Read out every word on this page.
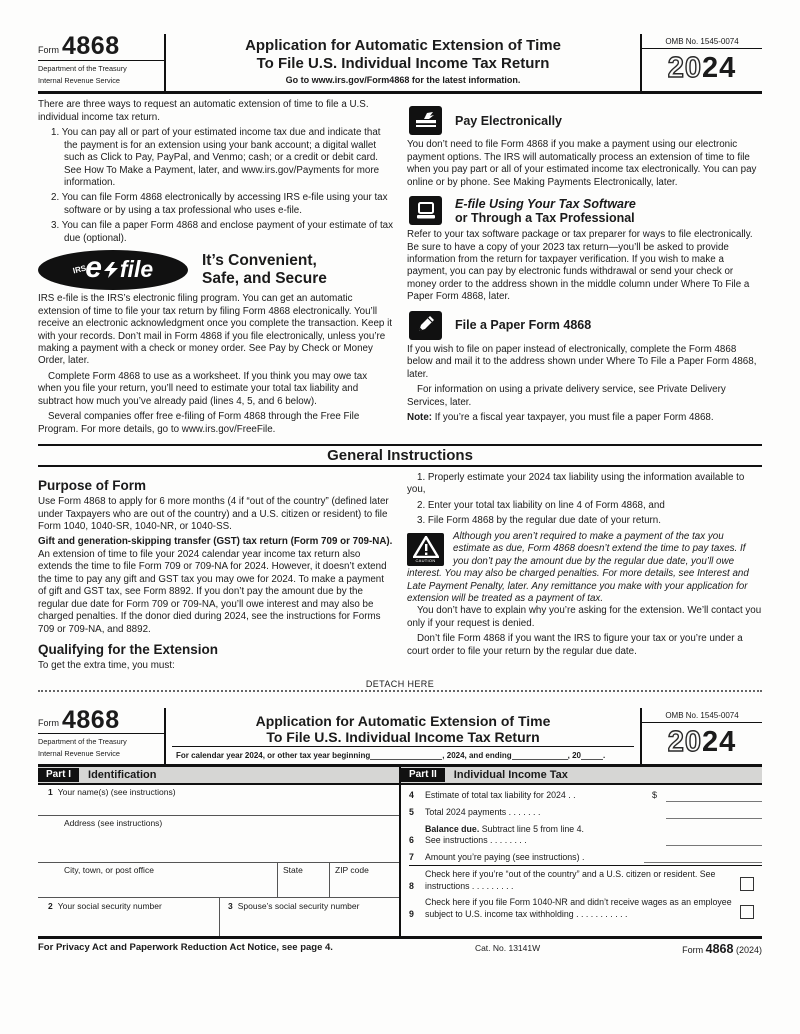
Form 4868
Department of the Treasury
Internal Revenue Service
Application for Automatic Extension of Time
To File U.S. Individual Income Tax Return
Go to www.irs.gov/Form4868 for the latest information.
OMB No. 1545-0074
2024

There are three ways to request an automatic extension of time to file a U.S. individual income tax return.

1. You can pay all or part of your estimated income tax due and indicate that the payment is for an extension using your bank account; a digital wallet such as Click to Pay, PayPal, and Venmo; cash; or a credit or debit card. See How To Make a Payment, later, and www.irs.gov/Payments for more information.

2. You can file Form 4868 electronically by accessing IRS e-file using your tax software or by using a tax professional who uses e-file.

3. You can file a paper Form 4868 and enclose payment of your estimate of tax due (optional).

IRS
e file	It’s Convenient,
Safe, and Secure

IRS e-file is the IRS’s electronic filing program. You can get an automatic extension of time to file your tax return by filing Form 4868 electronically. You’ll receive an electronic acknowledgment once you complete the transaction. Keep it with your records. Don’t mail in Form 4868 if you file electronically, unless you’re making a payment with a check or money order. See Pay by Check or Money Order, later.

Complete Form 4868 to use as a worksheet. If you think you may owe tax when you file your return, you’ll need to estimate your total tax liability and subtract how much you’ve already paid (lines 4, 5, and 6 below).

Several companies offer free e-filing of Form 4868 through the Free File Program. For more details, go to www.irs.gov/FreeFile.

Pay Electronically

You don’t need to file Form 4868 if you make a payment using our electronic payment options. The IRS will automatically process an extension of time to file when you pay part or all of your estimated income tax electronically. You can pay online or by phone. See Making Payments Electronically, later.

E-file Using Your Tax Software
or Through a Tax Professional

Refer to your tax software package or tax preparer for ways to file electronically. Be sure to have a copy of your 2023 tax return—you’ll be asked to provide information from the return for taxpayer verification. If you wish to make a payment, you can pay by electronic funds withdrawal or send your check or money order to the address shown in the middle column under Where To File a Paper Form 4868, later.

File a Paper Form 4868

If you wish to file on paper instead of electronically, complete the Form 4868 below and mail it to the address shown under Where To File a Paper Form 4868, later.

For information on using a private delivery service, see Private Delivery Services, later.

Note: If you’re a fiscal year taxpayer, you must file a paper Form 4868.

General Instructions
Purpose of Form

Use Form 4868 to apply for 6 more months (4 if “out of the country” (defined later under Taxpayers who are out of the country) and a U.S. citizen or resident) to file Form 1040, 1040-SR, 1040-NR, or 1040-SS.

Gift and generation-skipping transfer (GST) tax return (Form 709 or 709-NA). An extension of time to file your 2024 calendar year income tax return also extends the time to file Form 709 or 709-NA for 2024. However, it doesn’t extend the time to pay any gift and GST tax you may owe for 2024. To make a payment of gift and GST tax, see Form 8892. If you don’t pay the amount due by the regular due date for Form 709 or 709-NA, you’ll owe interest and may also be charged penalties. If the donor died during 2024, see the instructions for Forms 709 or 709-NA, and 8892.

Qualifying for the Extension

To get the extra time, you must:

1. Properly estimate your 2024 tax liability using the information available to you,

2. Enter your total tax liability on line 4 of Form 4868, and

3. File Form 4868 by the regular due date of your return.

CAUTION
Although you aren’t required to make a payment of the tax you estimate as due, Form 4868 doesn’t extend the time to pay taxes. If you don’t pay the amount due by the regular due date, you’ll owe interest. You may also be charged penalties. For more details, see Interest and Late Payment Penalty, later. Any remittance you make with your application for extension will be treated as a payment of tax.

You don’t have to explain why you’re asking for the extension. We’ll contact you only if your request is denied.

Don’t file Form 4868 if you want the IRS to figure your tax or you’re under a court order to file your return by the regular due date.

DETACH HERE
Form 4868
Department of the Treasury
Internal Revenue Service
Application for Automatic Extension of Time
To File U.S. Individual Income Tax Return
For calendar year 2024, or other tax year beginning	, 2024, and ending	, 20	.
OMB No. 1545-0074
2024
Part I	Identification	Part II	Individual Income Tax
1 Your name(s) (see instructions)
Address (see instructions)
City, town, or post office	State	ZIP code
2 Your social security number	3 Spouse’s social security number
4	Estimate of total tax liability for 2024 . .	$
5	Total 2024 payments . . . . . . .
6
Balance due. Subtract line 5 from line 4.
See instructions . . . . . . . .
7	Amount you’re paying (see instructions) .
8
Check here if you’re “out of the country” and a U.S. citizen or resident. See instructions . . . . . . . . .
9
Check here if you file Form 1040-NR and didn’t receive wages as an employee subject to U.S. income tax withholding . . . . . . . . . . .
For Privacy Act and Paperwork Reduction Act Notice, see page 4.	Cat. No. 13141W	Form 4868 (2024)
